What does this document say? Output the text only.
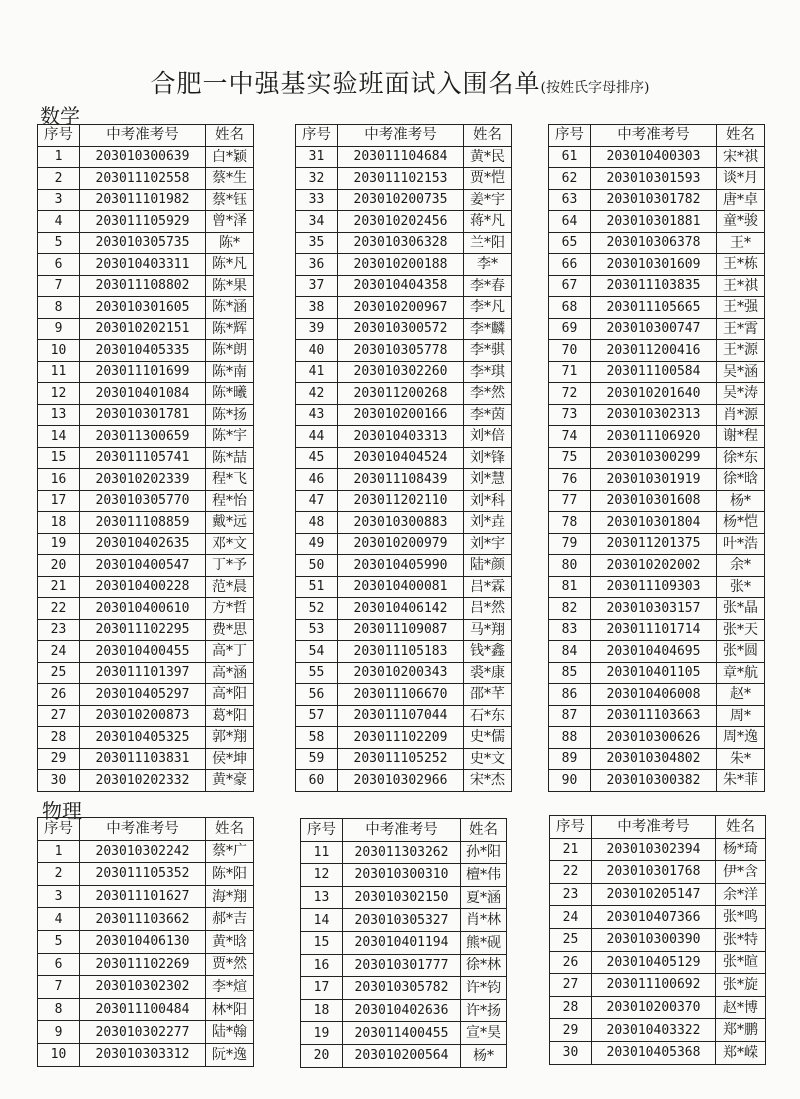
合肥一中强基实验班面试入围名单(按姓氏字母排序)
数学
物理
序号	中考准考号	姓名
1	203010300639	白*颖
2	203011102558	蔡*生
3	203011101982	蔡*钰
4	203011105929	曾*泽
5	203010305735	陈*
6	203010403311	陈*凡
7	203011108802	陈*果
8	203010301605	陈*涵
9	203010202151	陈*辉
10	203010405335	陈*朗
11	203011101699	陈*南
12	203010401084	陈*曦
13	203010301781	陈*扬
14	203011300659	陈*宇
15	203011105741	陈*喆
16	203010202339	程*飞
17	203010305770	程*怡
18	203011108859	戴*远
19	203010402635	邓*文
20	203010400547	丁*予
21	203010400228	范*晨
22	203010400610	方*哲
23	203011102295	费*思
24	203010400455	高*丁
25	203011101397	高*涵
26	203010405297	高*阳
27	203010200873	葛*阳
28	203010405325	郭*翔
29	203011103831	侯*坤
30	203010202332	黄*豪
序号	中考准考号	姓名
31	203011104684	黄*民
32	203011102153	贾*恺
33	203010200735	姜*宇
34	203010202456	蒋*凡
35	203010306328	兰*阳
36	203010200188	李*
37	203010404358	李*春
38	203010200967	李*凡
39	203010300572	李*麟
40	203010305778	李*骐
41	203010302260	李*琪
42	203011200268	李*然
43	203010200166	李*茵
44	203010403313	刘*倍
45	203010404524	刘*锋
46	203011108439	刘*慧
47	203011202110	刘*科
48	203010300883	刘*垚
49	203010200979	刘*宇
50	203010405990	陆*颜
51	203010400081	吕*霖
52	203010406142	吕*然
53	203011109087	马*翔
54	203011105183	钱*鑫
55	203010200343	裘*康
56	203011106670	邵*芊
57	203011107044	石*东
58	203011102209	史*儒
59	203011105252	史*文
60	203010302966	宋*杰
序号	中考准考号	姓名
61	203010400303	宋*祺
62	203010301593	谈*月
63	203010301782	唐*卓
64	203010301881	童*骏
65	203010306378	王*
66	203010301609	王*栋
67	203011103835	王*祺
68	203011105665	王*强
69	203010300747	王*霄
70	203011200416	王*源
71	203011100584	吴*涵
72	203010201640	吴*涛
73	203010302313	肖*源
74	203011106920	谢*程
75	203010300299	徐*东
76	203010301919	徐*晗
77	203010301608	杨*
78	203010301804	杨*恺
79	203011201375	叶*浩
80	203010202002	余*
81	203011109303	张*
82	203010303157	张*晶
83	203011101714	张*天
84	203010404695	张*圆
85	203010401105	章*航
86	203010406008	赵*
87	203011103663	周*
88	203010300626	周*逸
89	203010304802	朱*
90	203010300382	朱*菲
序号	中考准考号	姓名
1	203010302242	蔡*广
2	203011105352	陈*阳
3	203011101627	海*翔
4	203011103662	郝*吉
5	203010406130	黄*晗
6	203011102269	贾*然
7	203010302302	李*煊
8	203011100484	林*阳
9	203010302277	陆*翰
10	203010303312	阮*逸
序号	中考准考号	姓名
11	203011303262	孙*阳
12	203010300310	檀*伟
13	203010302150	夏*涵
14	203010305327	肖*林
15	203010401194	熊*砚
16	203010301777	徐*林
17	203010305782	许*钧
18	203010402636	许*扬
19	203011400455	宣*昊
20	203010200564	杨*
序号	中考准考号	姓名
21	203010302394	杨*琦
22	203010301768	伊*含
23	203010205147	余*洋
24	203010407366	张*鸣
25	203010300390	张*特
26	203010405129	张*暄
27	203011100692	张*旋
28	203010200370	赵*博
29	203010403322	郑*鹏
30	203010405368	郑*嵘
